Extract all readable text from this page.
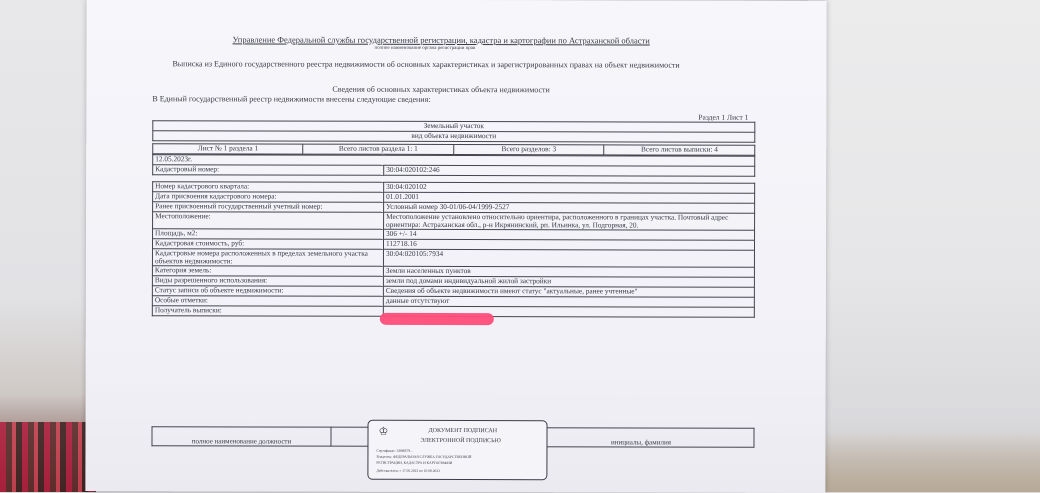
Управление Федеральной службы государственной регистрации, кадастра и картографии по Астраханской области
полное наименование органа регистрации прав
Выписка из Единого государственного реестра недвижимости об основных характеристиках и зарегистрированных правах на объект недвижимости
Сведения об основных характеристиках объекта недвижимости
В Единый государственный реестр недвижимости внесены следующие сведения:
Раздел 1 Лист 1
Земельный участок
вид объекта недвижимости
Лист № 1 раздела 1	Всего листов раздела 1: 1	Всего разделов: 3	Всего листов выписки: 4
12.05.2023г.
Кадастровый номер:	30:04:020102:246
Номер кадастрового квартала:	30:04:020102
Дата присвоения кадастрового номера:	01.01.2001
Ранее присвоенный государственный учетный номер:	Условный номер 30-01/06-04/1999-2527
Местоположение:	Местоположение установлено относительно ориентира, расположенного в границах участка. Почтовый адрес ориентира: Астраханская обл., р-н Икрянинский, рп. Ильинка, ул. Подгорная, 20.
Площадь, м2:	306 +/- 14
Кадастровая стоимость, руб:	112718.16
Кадастровые номера расположенных в пределах земельного участка объектов недвижимости:	30:04:020105:7934
Категория земель:	Земли населенных пунктов
Виды разрешенного использования:	земли под домами индивидуальной жилой застройки
Статус записи об объекте недвижимости:	Сведения об объекте недвижимости имеют статус "актуальные, ранее учтенные"
Особые отметки:	данные отсутствуют
Получатель выписки:	
полное наименование должности		инициалы, фамилия
♔	ДОКУМЕНТ ПОДПИСАН
ЭЛЕКТРОННОЙ ПОДПИСЬЮ
Сертификат: 3B98E79...
Владелец: ФЕДЕРАЛЬНАЯ СЛУЖБА ГОСУДАРСТВЕННОЙ
РЕГИСТРАЦИИ, КАДАСТРА И КАРТОГРАФИИ
Действителен: с 17.05.2022 по 10.08.2023
